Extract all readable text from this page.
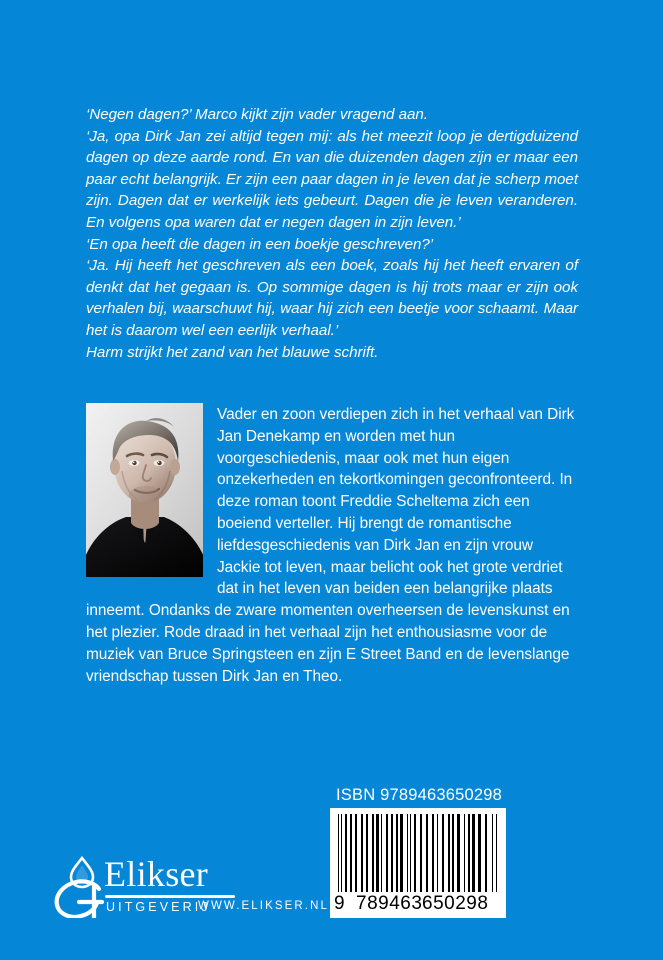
‘Negen dagen?’ Marco kijkt zijn vader vragend aan.

‘Ja, opa Dirk Jan zei altijd tegen mij: als het meezit loop je dertigduizend dagen op deze aarde rond. En van die duizenden dagen zijn er maar een paar echt belangrijk. Er zijn een paar dagen in je leven dat je scherp moet zijn. Dagen dat er werkelijk iets gebeurt. Dagen die je leven veranderen. En volgens opa waren dat er negen dagen in zijn leven.’

‘En opa heeft die dagen in een boekje geschreven?’

‘Ja. Hij heeft het geschreven als een boek, zoals hij het heeft ervaren of denkt dat het gegaan is. Op sommige dagen is hij trots maar er zijn ook verhalen bij, waarschuwt hij, waar hij zich een beetje voor schaamt. Maar het is daarom wel een eerlijk verhaal.’

Harm strijkt het zand van het blauwe schrift.

Vader en zoon verdiepen zich in het verhaal van Dirk Jan Denekamp en worden met hun voorgeschiedenis, maar ook met hun eigen onzekerheden en tekortkomingen geconfronteerd. In deze roman toont Freddie Scheltema zich een boeiend verteller. Hij brengt de romantische liefdesgeschiedenis van Dirk Jan en zijn vrouw Jackie tot leven, maar belicht ook het grote verdriet dat in het leven van beiden een belangrijke plaats inneemt. Ondanks de zware momenten overheersen de levenskunst en het plezier. Rode draad in het verhaal zijn het enthousiasme voor de muziek van Bruce Springsteen en zijn E Street Band en de levenslange vriendschap tussen Dirk Jan en Theo.

ISBN 9789463650298
9 789463 650298
Elikser
UITGEVERIJ
WWW.ELIKSER.NL
